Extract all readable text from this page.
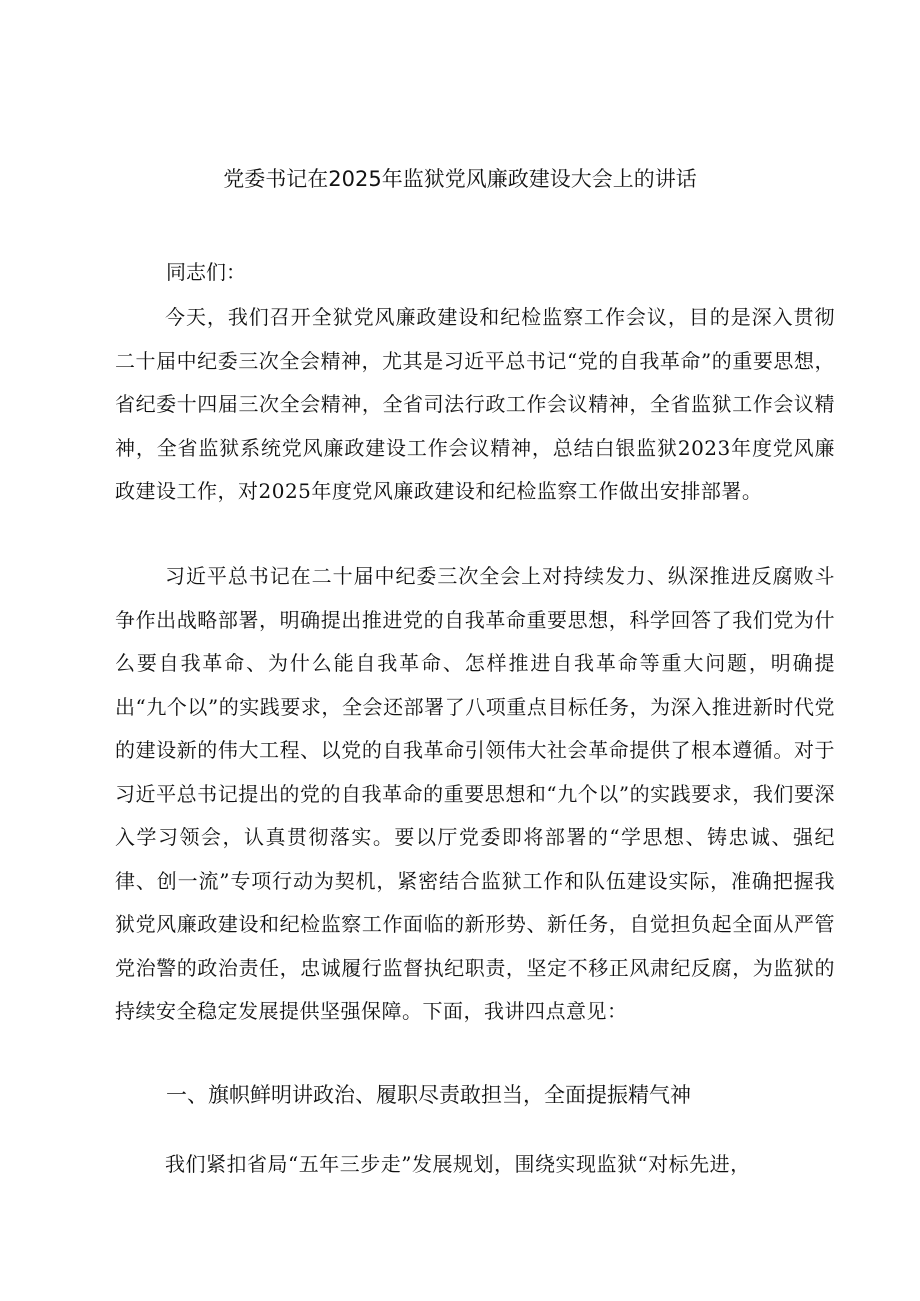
党委书记在2025年监狱党风廉政建设大会上的讲话
同志们：
今天，我们召开全狱党风廉政建设和纪检监察工作会议，目的是深入贯彻二十届中纪委三次全会精神，尤其是习近平总书记“党的自我革命”的重要思想，省纪委十四届三次全会精神，全省司法行政工作会议精神，全省监狱工作会议精神，全省监狱系统党风廉政建设工作会议精神，总结白银监狱2023年度党风廉政建设工作，对2025年度党风廉政建设和纪检监察工作做出安排部署。
习近平总书记在二十届中纪委三次全会上对持续发力、纵深推进反腐败斗争作出战略部署，明确提出推进党的自我革命重要思想，科学回答了我们党为什么要自我革命、为什么能自我革命、怎样推进自我革命等重大问题，明确提出“九个以”的实践要求，全会还部署了八项重点目标任务，为深入推进新时代党的建设新的伟大工程、以党的自我革命引领伟大社会革命提供了根本遵循。对于习近平总书记提出的党的自我革命的重要思想和“九个以”的实践要求，我们要深入学习领会，认真贯彻落实。要以厅党委即将部署的“学思想、铸忠诚、强纪律、创一流”专项行动为契机，紧密结合监狱工作和队伍建设实际，准确把握我狱党风廉政建设和纪检监察工作面临的新形势、新任务，自觉担负起全面从严管党治警的政治责任，忠诚履行监督执纪职责，坚定不移正风肃纪反腐，为监狱的持续安全稳定发展提供坚强保障。下面，我讲四点意见：
一、旗帜鲜明讲政治、履职尽责敢担当，全面提振精气神
我们紧扣省局“五年三步走”发展规划，围绕实现监狱“对标先进，
